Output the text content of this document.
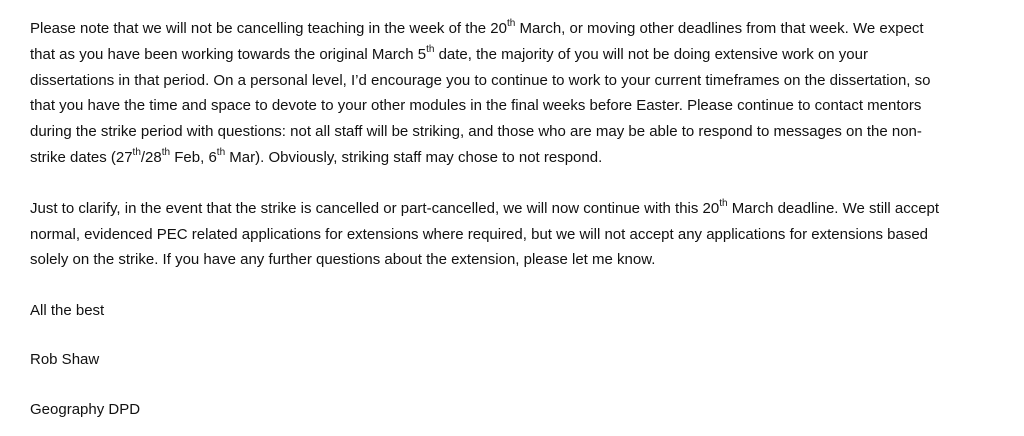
Please note that we will not be cancelling teaching in the week of the 20th March, or moving other deadlines from that week. We expect
that as you have been working towards the original March 5th date, the majority of you will not be doing extensive work on your
dissertations in that period. On a personal level, I’d encourage you to continue to work to your current timeframes on the dissertation, so
that you have the time and space to devote to your other modules in the final weeks before Easter. Please continue to contact mentors
during the strike period with questions: not all staff will be striking, and those who are may be able to respond to messages on the non-
strike dates (27th/28th Feb, 6th Mar). Obviously, striking staff may chose to not respond.
Just to clarify, in the event that the strike is cancelled or part-cancelled, we will now continue with this 20th March deadline. We still accept
normal, evidenced PEC related applications for extensions where required, but we will not accept any applications for extensions based
solely on the strike. If you have any further questions about the extension, please let me know.
All the best
Rob Shaw
Geography DPD
